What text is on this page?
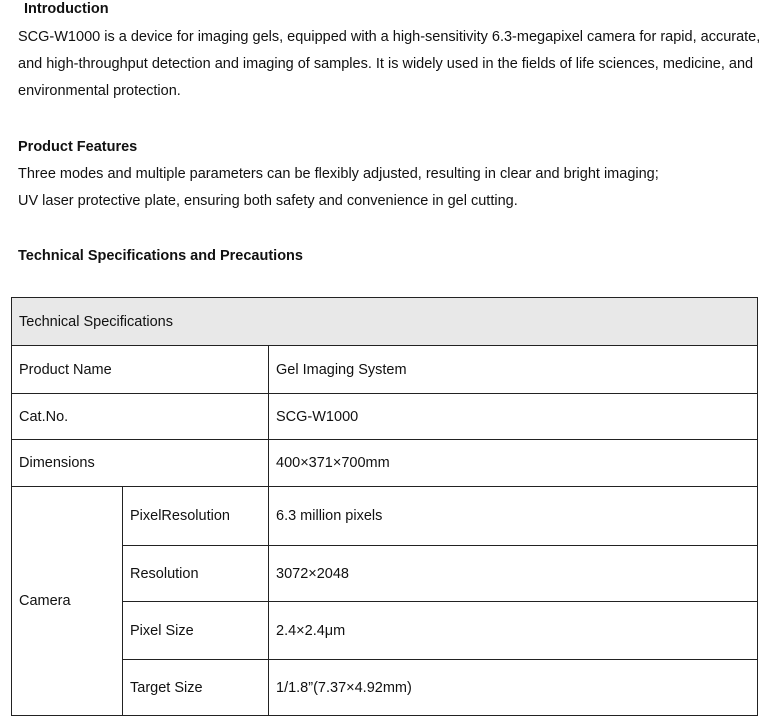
Introduction
SCG-W1000 is a device for imaging gels, equipped with a high-sensitivity 6.3-megapixel camera for rapid, accurate,
and high-throughput detection and imaging of samples. It is widely used in the fields of life sciences, medicine, and
environmental protection.
Product Features
Three modes and multiple parameters can be flexibly adjusted, resulting in clear and bright imaging;
UV laser protective plate, ensuring both safety and convenience in gel cutting.
Technical Specifications and Precautions
Technical Specifications		
Product Name		Gel Imaging System
Cat.No.		SCG-W1000
Dimensions		400×371×700mm
Camera	PixelResolution	6.3 million pixels
	Resolution	3072×2048
	Pixel Size	2.4×2.4μm
	Target Size	1/1.8”(7.37×4.92mm)
